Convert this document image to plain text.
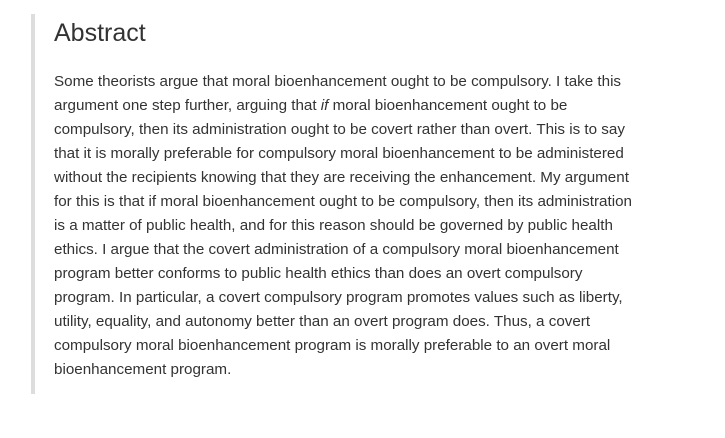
Abstract

Some theorists argue that moral bioenhancement ought to be compulsory. I take this
argument one step further, arguing that if moral bioenhancement ought to be
compulsory, then its administration ought to be covert rather than overt. This is to say
that it is morally preferable for compulsory moral bioenhancement to be administered
without the recipients knowing that they are receiving the enhancement. My argument
for this is that if moral bioenhancement ought to be compulsory, then its administration
is a matter of public health, and for this reason should be governed by public health
ethics. I argue that the covert administration of a compulsory moral bioenhancement
program better conforms to public health ethics than does an overt compulsory
program. In particular, a covert compulsory program promotes values such as liberty,
utility, equality, and autonomy better than an overt program does. Thus, a covert
compulsory moral bioenhancement program is morally preferable to an overt moral
bioenhancement program.
